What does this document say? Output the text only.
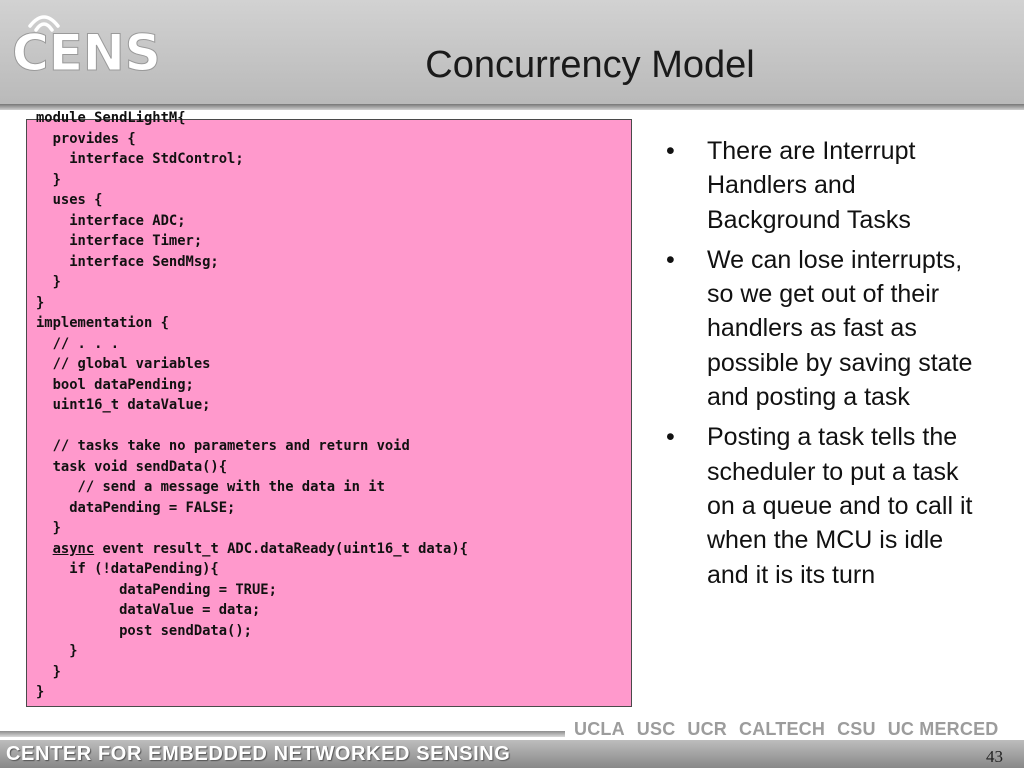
CENS	Concurrency Model
module SendLightM{
provides {
interface StdControl;
}
uses {
interface ADC;
interface Timer;
interface SendMsg;
}
}
implementation {
// . . .
// global variables
bool dataPending;
uint16_t dataValue;
// tasks take no parameters and return void
task void sendData(){
// send a message with the data in it
dataPending = FALSE;
}
async event result_t ADC.dataReady(uint16_t data){
if (!dataPending){
dataPending = TRUE;
dataValue = data;
post sendData();
}
}
}
• There are Interrupt Handlers and Background Tasks
• We can lose interrupts, so we get out of their handlers as fast as possible by saving state and posting a task
• Posting a task tells the scheduler to put a task on a queue and to call it when the MCU is idle and it is its turn
UCLA USC UCR CALTECH CSU UC MERCED
CENTER FOR EMBEDDED NETWORKED SENSING	43
